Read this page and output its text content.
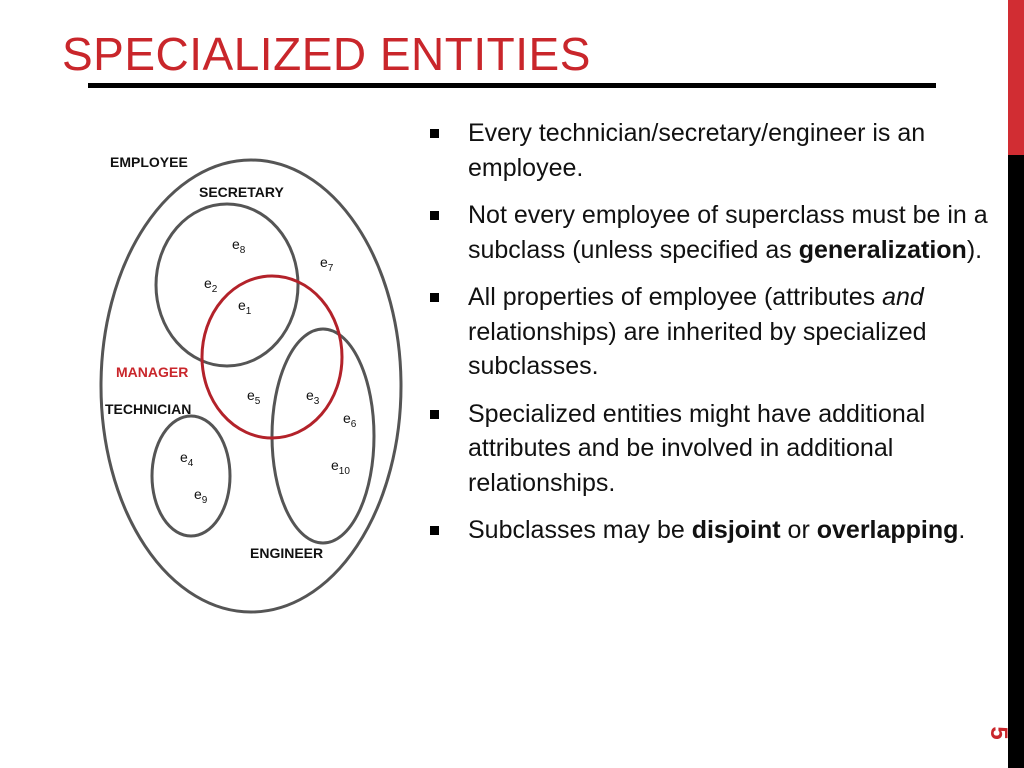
5
SPECIALIZED ENTITIES
EMPLOYEE
SECRETARY
MANAGER
TECHNICIAN
ENGINEER
$e_8$
$e_7$
$e_2$
$e_1$
$e_5$	$e_3$
$e_6$
$e_4$	$e_{10}$
$e_9$
Every technician/secretary/engineer is an employee.
Not every employee of superclass must be in a subclass (unless specified as generalization).
All properties of employee (attributes and relationships) are inherited by specialized subclasses.
Specialized entities might have additional attributes and be involved in additional relationships.
Subclasses may be disjoint or overlapping.
